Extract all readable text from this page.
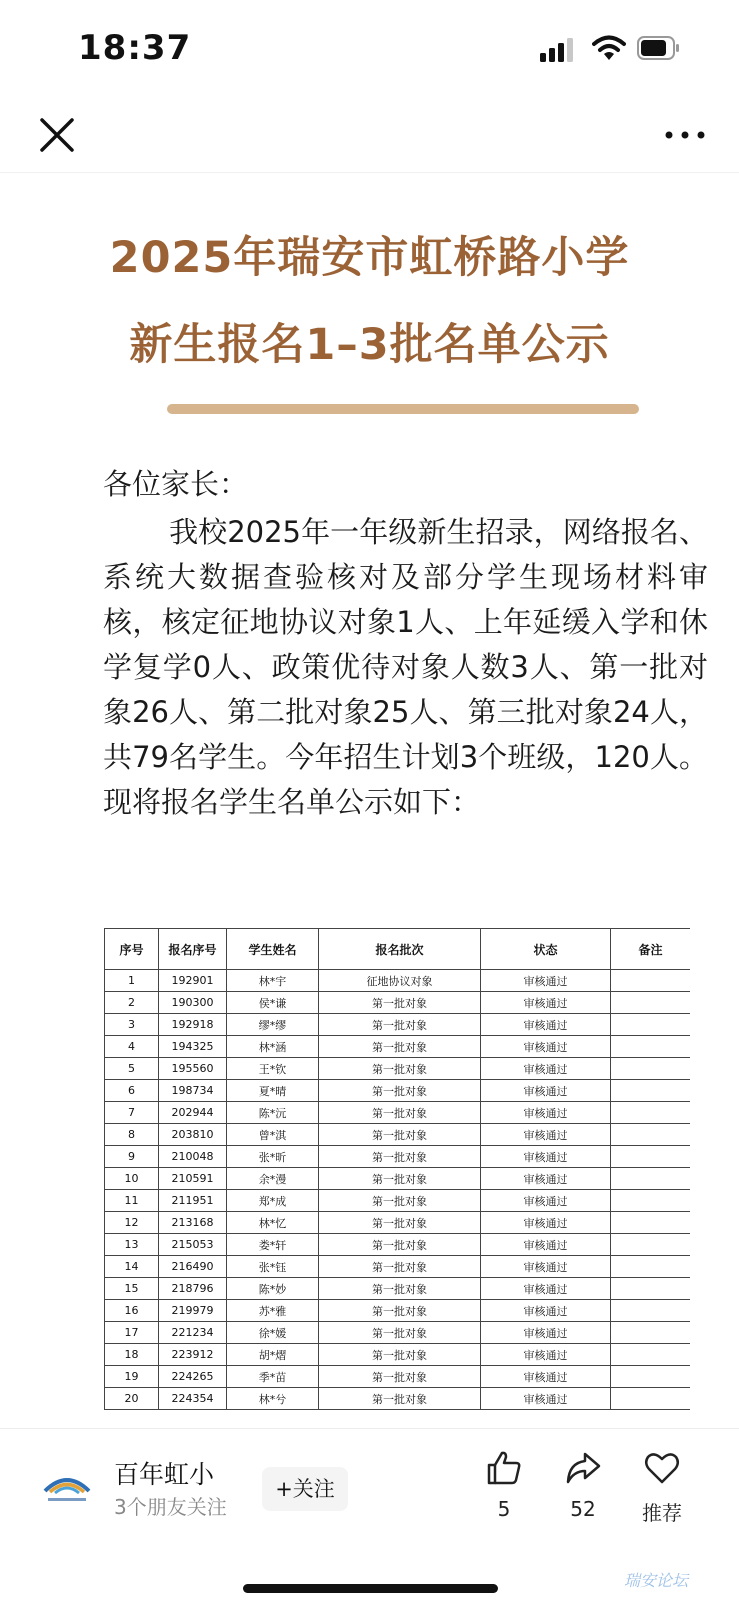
18:37
2025年瑞安市虹桥路小学
新生报名1–3批名单公示
各位家长：
我校2025年一年级新生招录，网络报名、系统大数据查验核对及部分学生现场材料审核，核定征地协议对象1人、上年延缓入学和休学复学0人、政策优待对象人数3人、第一批对象26人、第二批对象25人、第三批对象24人，共79名学生。今年招生计划3个班级，120人。 现将报名学生名单公示如下：
序号	报名序号	学生姓名	报名批次	状态	备注
1	192901	林*宇	征地协议对象	审核通过	
2	190300	侯*谦	第一批对象	审核通过	
3	192918	缪*缪	第一批对象	审核通过	
4	194325	林*涵	第一批对象	审核通过	
5	195560	王*钦	第一批对象	审核通过	
6	198734	夏*晴	第一批对象	审核通过	
7	202944	陈*沅	第一批对象	审核通过	
8	203810	曾*淇	第一批对象	审核通过	
9	210048	张*昕	第一批对象	审核通过	
10	210591	余*漫	第一批对象	审核通过	
11	211951	郑*成	第一批对象	审核通过	
12	213168	林*忆	第一批对象	审核通过	
13	215053	娄*轩	第一批对象	审核通过	
14	216490	张*钰	第一批对象	审核通过	
15	218796	陈*妙	第一批对象	审核通过	
16	219979	苏*雅	第一批对象	审核通过	
17	221234	徐*媛	第一批对象	审核通过	
18	223912	胡*熠	第一批对象	审核通过	
19	224265	季*苗	第一批对象	审核通过	
20	224354	林*兮	第一批对象	审核通过	
百年虹小
3个朋友关注
+关注
5	52	推荐
瑞安论坛
